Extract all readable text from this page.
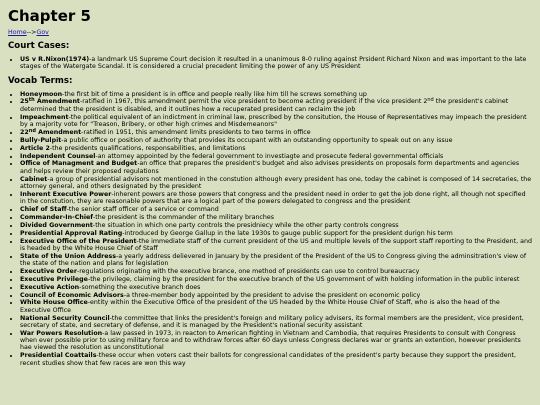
Chapter 5
Home-->Gov
Court Cases:
• US v R.Nixon(1974)-a landmark US Supreme Court decision it resulted in a unanimous 8-0 ruling against Prsident Richard Nixon and was important to the late stages of the Watergate Scandal. It is considered a crucial precedent limiting the power of any US President
Vocab Terms:
• Honeymoon-the first bit of time a president is in office and people really like him till he screws something up
• 25th Amendment-ratified in 1967, this amendment permit the vice president to become acting president if the vice president 2nd the president's cabinet determined that the president is disabled, and it outlines how a recuperated president can reclaim the job
• Impeachment-the political equivalent of an indictment in criminal law, prescribed by the consitution, the House of Representatives may impeach the president by a majority vote for "Treason, Bribery, or other high crimes and Misdemeanors"
• 22nd Amendment-ratified in 1951, this amendment limits presidents to two terms in office
• Bully-Pulpit-a public office or position of authority that provides its occupant with an outstanding opportunity to speak out on any issue
• Article 2-the presidents qualifications, responsabilities, and limitations
• Independent Counsel-an attorney appointed by the federal government to investiagte and prosecute federal governmental officials
• Office of Managment and Budget-an office that prepares the president's budget and also advises presidents on proposals form departments and agencies and helps review their proposed regulations
• Cabinet-a group of presidential advisors not mentioned in the constution although every president has one, today the cabinet is composed of 14 secretaries, the attorney general, and others designated by the president
• Inherent Executive Power-inherent powers are those powers that congress and the president need in order to get the job done right, all though not specified in the constution, they are reasonable powers that are a logical part of the powers delegated to congress and the president
• Chief of Staff-the senior staff officer of a service or command
• Commander-In-Chief-the president is the commander of the military branches
• Divided Government-the situation in which one party controls the presidniecy while the other party controls congress
• Presidential Approval Rating-introduced by George Gallup in the late 1930s to gauge public support for the president durign his term
• Executive Office of the President-the immediate staff of the current president of the US and multiple levels of the support staff reporting to the President, and is headed by the White House Chief of Staff
• State of the Union Address-a yearly address delievered in January by the president of the President of the US to Congress giving the adminsitration's view of the state of the nation and plans for legislation
• Executive Order-regulations originating with the executive brance, one method of presidents can use to control bureaucracy
• Executive Privilege-the privilege, claiming by the president for the executive branch of the US government of with holding information in the public interest
• Executive Action-something the executive branch does
• Council of Economic Advisors-a three-member body appointed by the president to advise the president on economic policy
• White House Office-entity within the Executive Office of the president of the US headed by the White House Chief of Staff, who is also the head of the Executive Office
• National Security Council-the committee that links the president's foreign and military policy advisers, its formal members are the president, vice president, secretary of state, and secretary of defense, and it is managed by the President's national security assistant
• War Powers Resolution-a law passed in 1973, in reacton to American fighting in Vietnam and Cambodia, that requires Presidents to consult with Congress when ever possible prior to using military force and to withdraw forces after 60 days unless Congress declares war or grants an extention, however presidents hae viewed the resolution as unconstitutional
• Presidential Coattails-these occur when voters cast their ballots for congressional candidates of the president's party because they support the president, recent studies show that few races are won this way
